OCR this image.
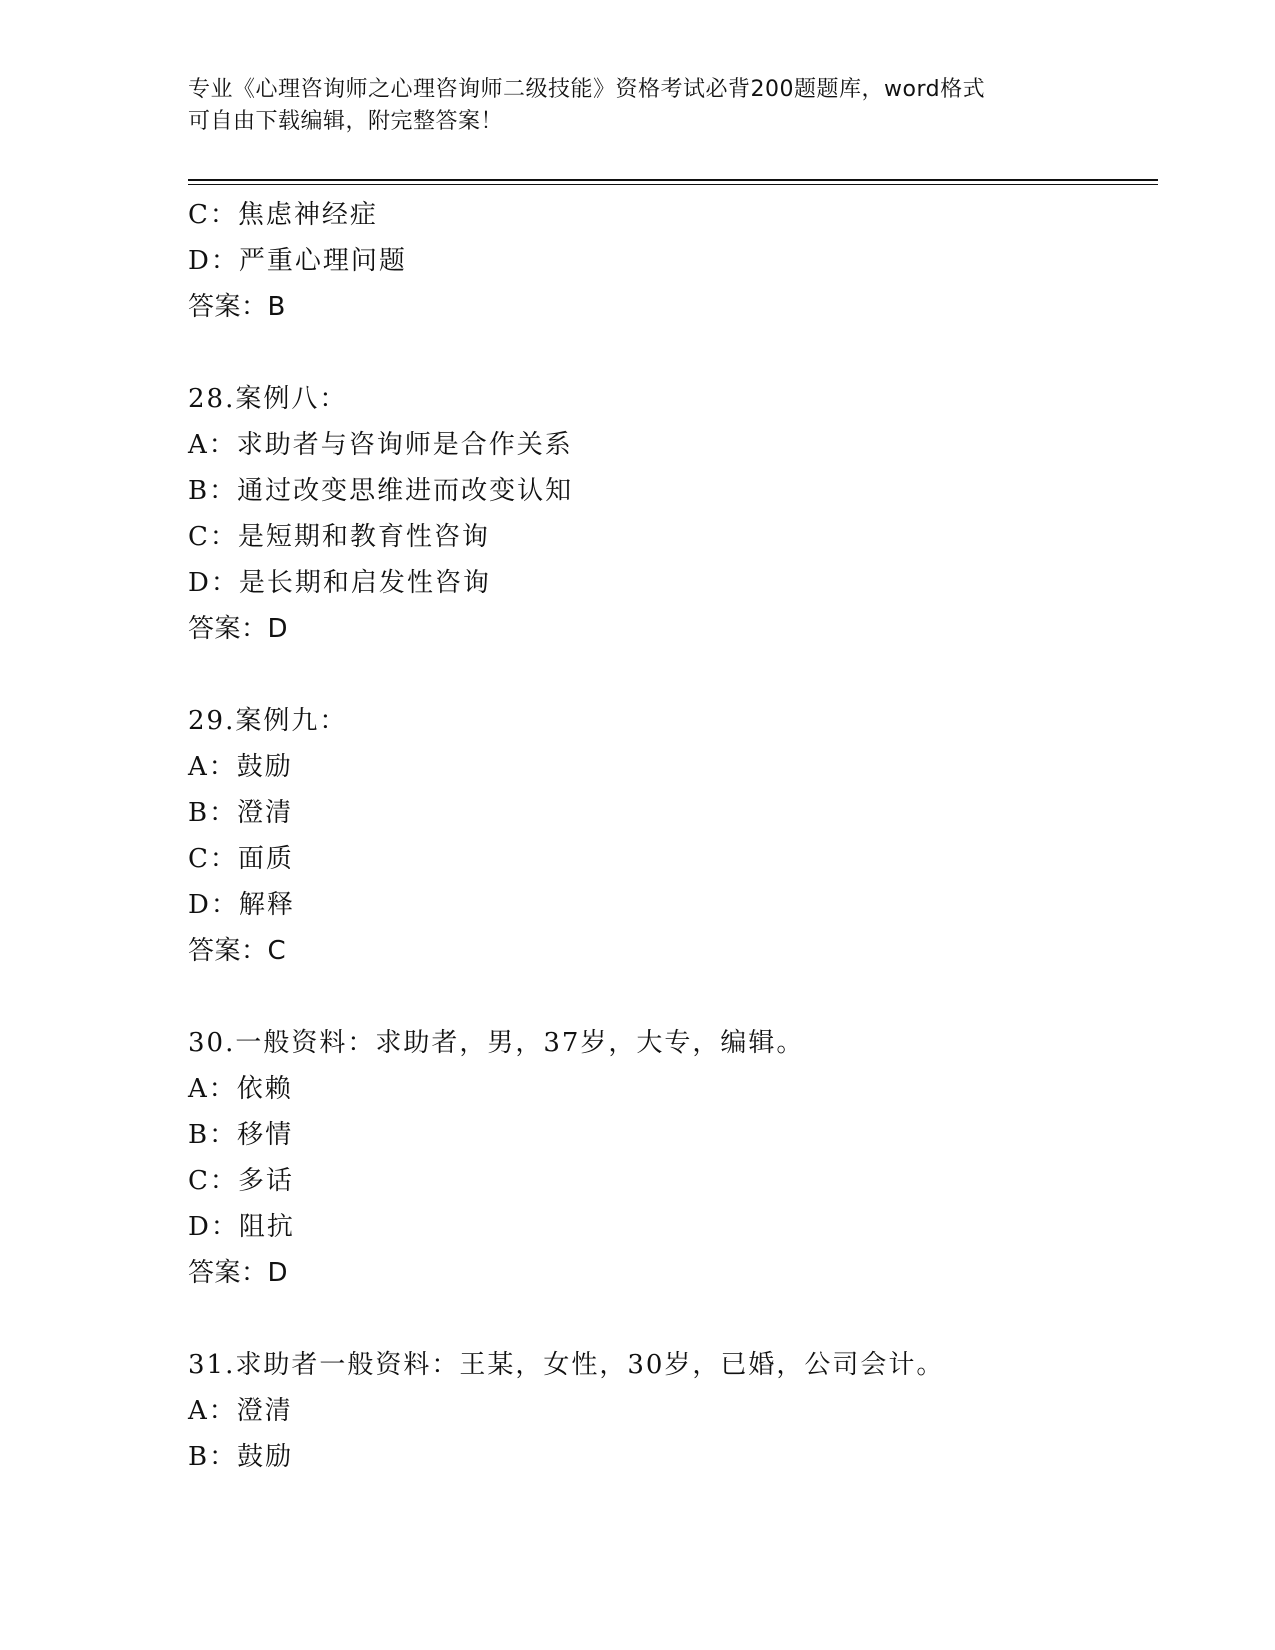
专业《心理咨询师之心理咨询师二级技能》资格考试必背200题题库，word格式
可自由下载编辑，附完整答案！
C：焦虑神经症
D：严重心理问题
答案：B
28.案例八：
A：求助者与咨询师是合作关系
B：通过改变思维进而改变认知
C：是短期和教育性咨询
D：是长期和启发性咨询
答案：D
29.案例九：
A：鼓励
B：澄清
C：面质
D：解释
答案：C
30.一般资料：求助者，男，37岁，大专，编辑。
A：依赖
B：移情
C：多话
D：阻抗
答案：D
31.求助者一般资料：王某，女性，30岁，已婚，公司会计。
A：澄清
B：鼓励
